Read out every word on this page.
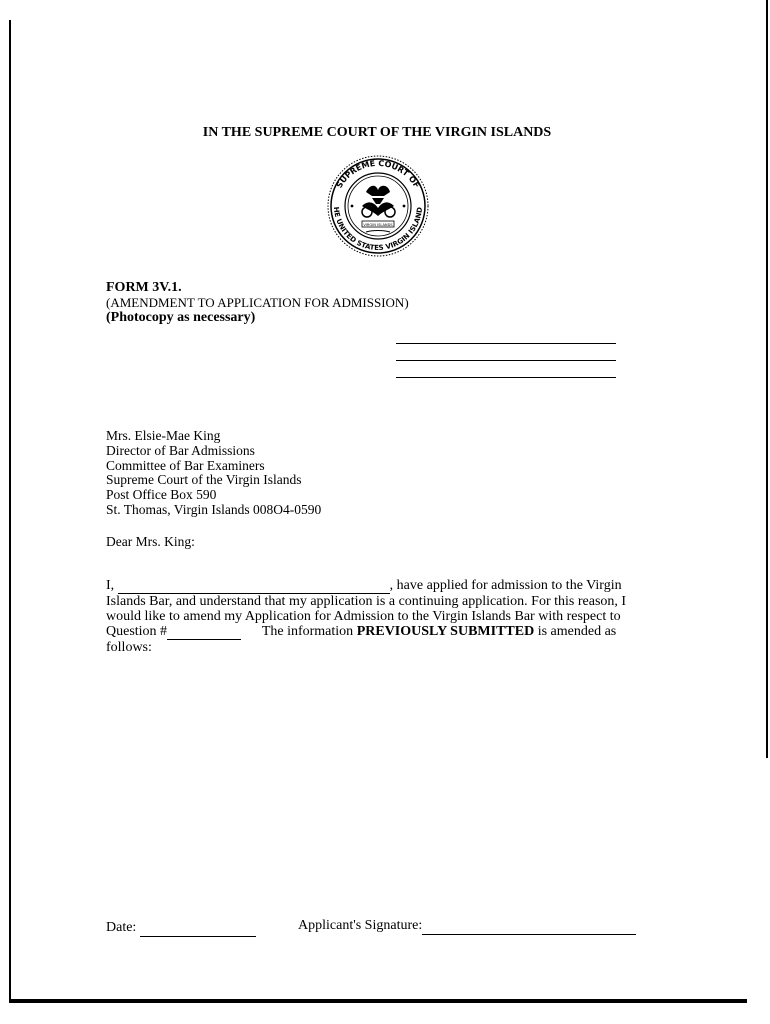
IN THE SUPREME COURT OF THE VIRGIN ISLANDS
SUPREME COURT OF
HE UNITED STATES VIRGIN ISLAND
VIRGIN ISLANDS
FORM 3V.1.
(AMENDMENT TO APPLICATION FOR ADMISSION)
(Photocopy as necessary)
Mrs. Elsie-Mae King
Director of Bar Admissions
Committee of Bar Examiners
Supreme Court of the Virgin Islands
Post Office Box 590
St. Thomas, Virgin Islands 008O4-0590
Dear Mrs. King:
I,	, have applied for admission to the Virgin
Islands Bar, and understand that my application is a continuing application. For this reason, I
would like to amend my Application for Admission to the Virgin Islands Bar with respect to
Question #	The information PREVIOUSLY SUBMITTED is amended as
follows:
Date:	Applicant's Signature:
